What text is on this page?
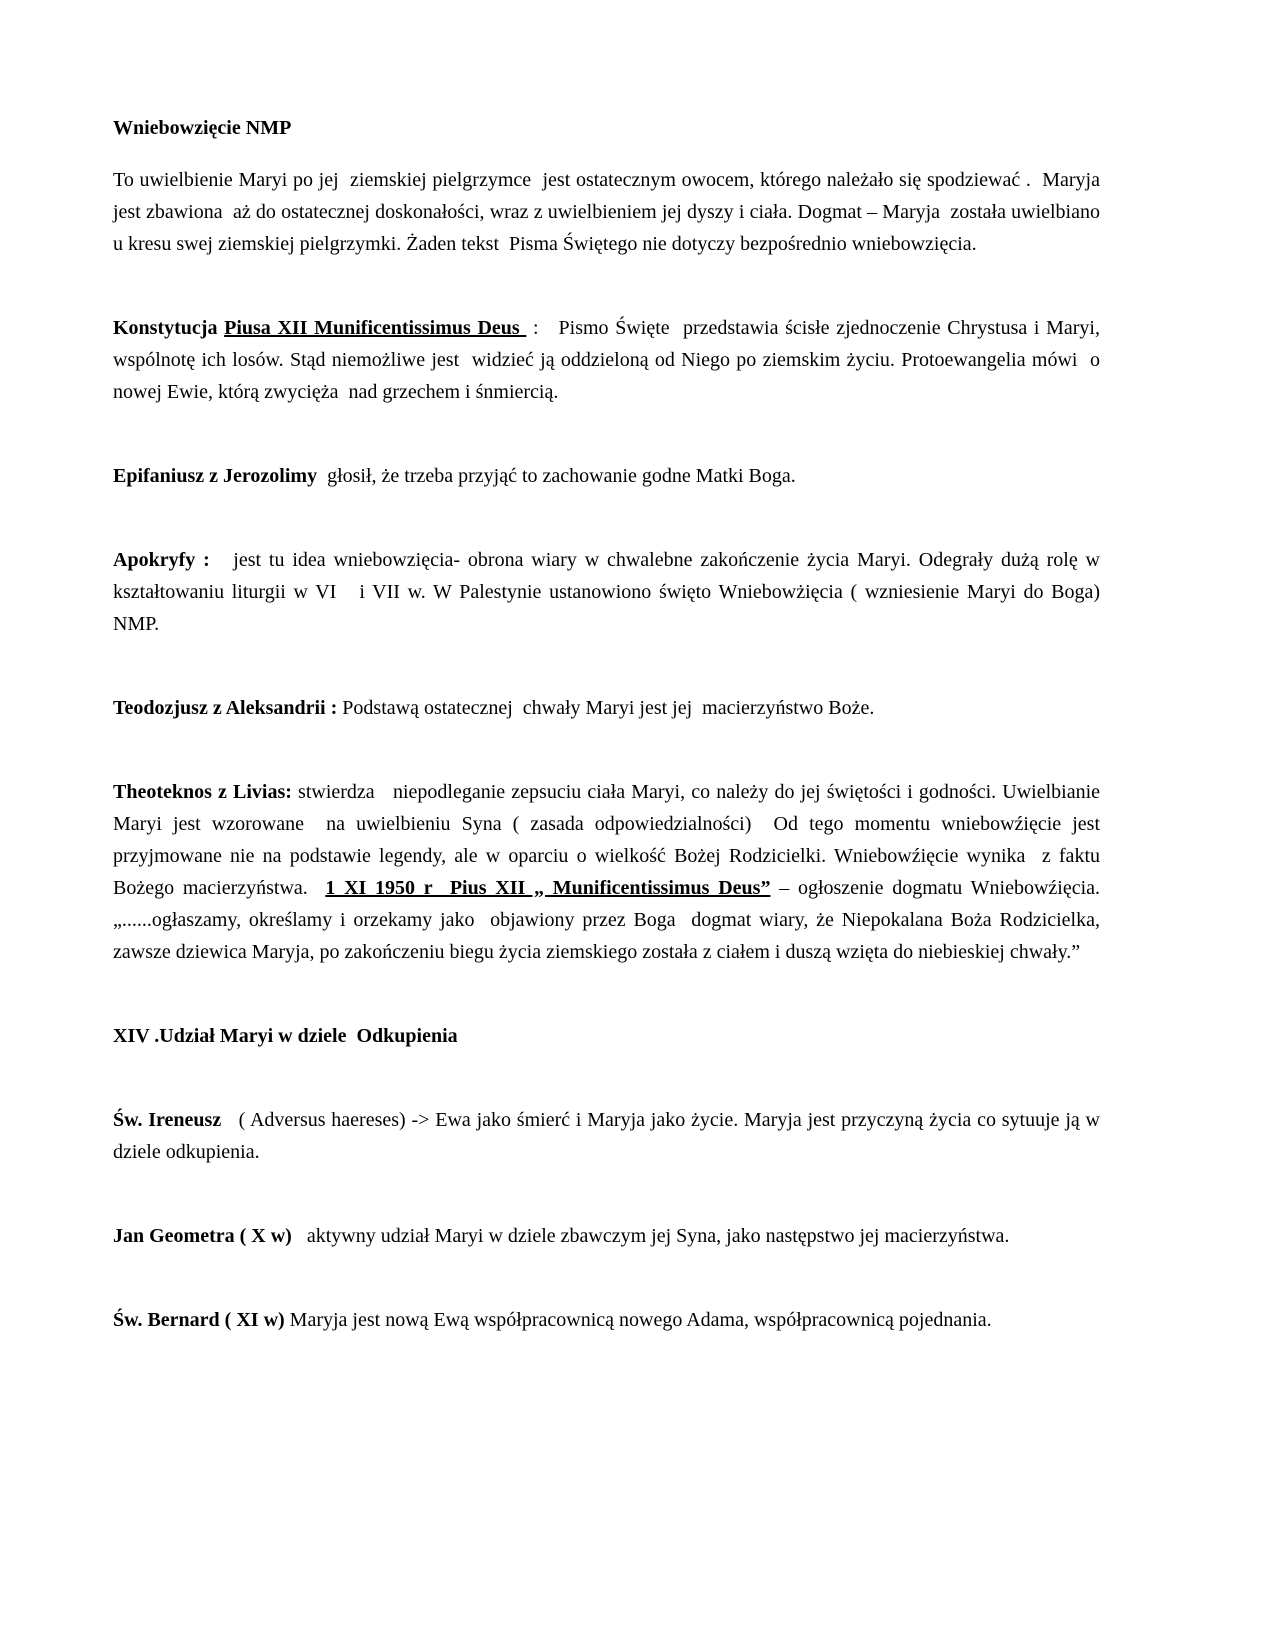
Wniebowzięcie NMP

To uwielbienie Maryi po jej  ziemskiej pielgrzymce  jest ostatecznym owocem, którego należało się spodziewać .  Maryja jest zbawiona  aż do ostatecznej doskonałości, wraz z uwielbieniem jej dyszy i ciała. Dogmat – Maryja  została uwielbiano u kresu swej ziemskiej pielgrzymki. Żaden tekst  Pisma Świętego nie dotyczy bezpośrednio wniebowzięcia.

Konstytucja Piusa XII Munificentissimus Deus  :   Pismo Święte  przedstawia ścisłe zjednoczenie Chrystusa i Maryi, wspólnotę ich losów. Stąd niemożliwe jest  widzieć ją oddzieloną od Niego po ziemskim życiu. Protoewangelia mówi  o nowej Ewie, którą zwycięża  nad grzechem i śnmiercią.

Epifaniusz z Jerozolimy  głosił, że trzeba przyjąć to zachowanie godne Matki Boga.

Apokryfy :   jest tu idea wniebowzięcia- obrona wiary w chwalebne zakończenie życia Maryi. Odegrały dużą rolę w kształtowaniu liturgii w VI   i VII w. W Palestynie ustanowiono święto Wniebowżięcia ( wzniesienie Maryi do Boga) NMP.

Teodozjusz z Aleksandrii : Podstawą ostatecznej  chwały Maryi jest jej  macierzyństwo Boże.

Theoteknos z Livias: stwierdza   niepodleganie zepsuciu ciała Maryi, co należy do jej świętości i godności. Uwielbianie Maryi jest wzorowane  na uwielbieniu Syna ( zasada odpowiedzialności)  Od tego momentu wniebowźięcie jest przyjmowane nie na podstawie legendy, ale w oparciu o wielkość Bożej Rodzicielki. Wniebowźięcie wynika  z faktu Bożego macierzyństwa.  1 XI 1950 r  Pius XII „ Munificentissimus Deus” – ogłoszenie dogmatu Wniebowźięcia.   „......ogłaszamy, określamy i orzekamy jako  objawiony przez Boga  dogmat wiary, że Niepokalana Boża Rodzicielka, zawsze dziewica Maryja, po zakończeniu biegu życia ziemskiego została z ciałem i duszą wzięta do niebieskiej chwały.”

XIV .Udział Maryi w dziele  Odkupienia

Św. Ireneusz   ( Adversus haereses) -> Ewa jako śmierć i Maryja jako życie. Maryja jest przyczyną życia co sytuuje ją w dziele odkupienia.

Jan Geometra ( X w)   aktywny udział Maryi w dziele zbawczym jej Syna, jako następstwo jej macierzyństwa.

Św. Bernard ( XI w) Maryja jest nową Ewą współpracownicą nowego Adama, współpracownicą pojednania.
